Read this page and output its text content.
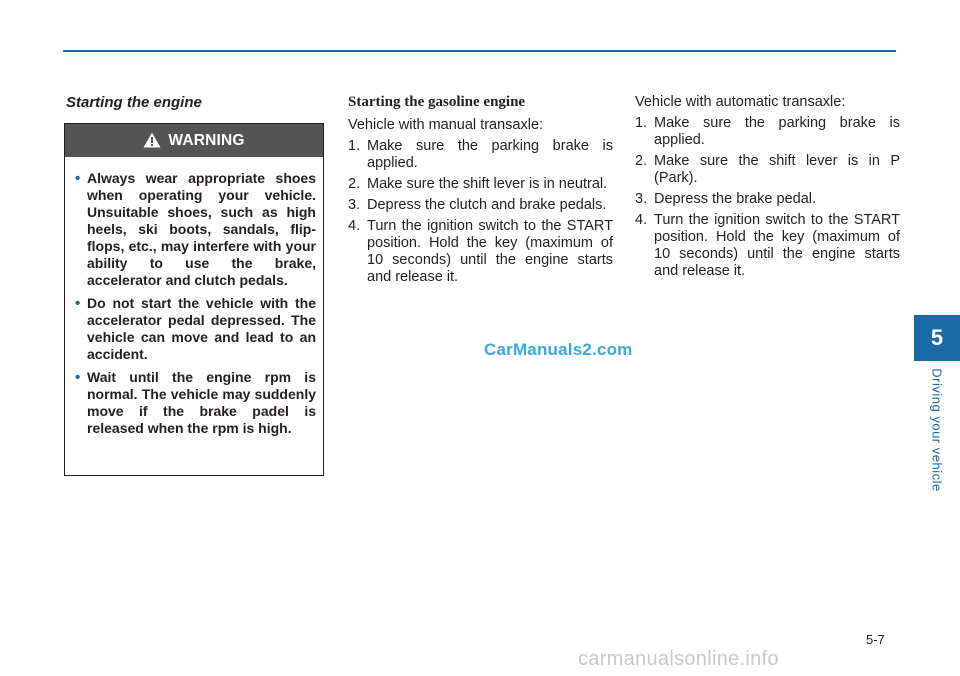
Starting the engine
WARNING
• Always wear appropriate shoes when operating your vehicle. Unsuitable shoes, such as high heels, ski boots, sandals, flip-flops, etc., may interfere with your ability to use the brake, accelerator and clutch pedals.
• Do not start the vehicle with the accelerator pedal depressed. The vehicle can move and lead to an accident.
• Wait until the engine rpm is normal. The vehicle may suddenly move if the brake padel is released when the rpm is high.
Starting the gasoline engine

Vehicle with manual transaxle:

1. Make sure the parking brake is applied.
2. Make sure the shift lever is in neutral.
3. Depress the clutch and brake pedals.
4. Turn the ignition switch to the START position. Hold the key (maximum of 10 seconds) until the engine starts and release it.

Vehicle with automatic transaxle:

1. Make sure the parking brake is applied.
2. Make sure the shift lever is in P (Park).
3. Depress the brake pedal.
4. Turn the ignition switch to the START position. Hold the key (maximum of 10 seconds) until the engine starts and release it.
CarManuals2.com	5
Driving your vehicle
5-7
carmanualsonline.info
